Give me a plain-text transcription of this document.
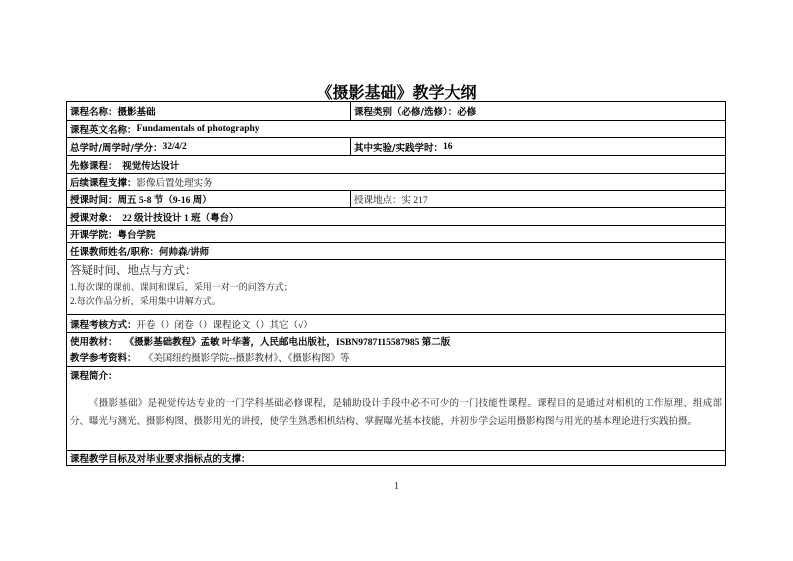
《摄影基础》教学大纲
课程名称： 摄影基础	课程类别（必修/选修）： 必修
课程英文名称： Fundamentals of photography
总学时/周学时/学分： 32/4/2	其中实验/实践学时： 16
先修课程： 视觉传达设计
后续课程支撑： 影像后置处理实务
授课时间： 周五 5-8 节（9-16 周）	授课地点： 实 217
授课对象： 22 级计技设计 1 班（粤台）
开课学院： 粤台学院
任课教师姓名/职称： 何帅森/讲师
答疑时间、地点与方式：
1.每次课的课前、课间和课后，采用一对一的问答方式；
2.每次作品分析，采用集中讲解方式。
课程考核方式： 开卷（）闭卷（）课程论文（）其它（√）
使用教材：   《摄影基础教程》孟敏 叶华著，人民邮电出版社，ISBN9787115587985 第二版
教学参考资料：   《美国纽约摄影学院--摄影教材》、《摄影构图》等
课程简介：
《摄影基础》是视觉传达专业的一门学科基础必修课程，是辅助设计手段中必不可少的一门技能性课程。课程目的是通过对相机的工作原理、组成部分、曝光与测光、摄影构图、摄影用光的讲授，使学生熟悉相机结构、掌握曝光基本技能，并初步学会运用摄影构图与用光的基本理论进行实践拍摄。
课程教学目标及对毕业要求指标点的支撑：
1
